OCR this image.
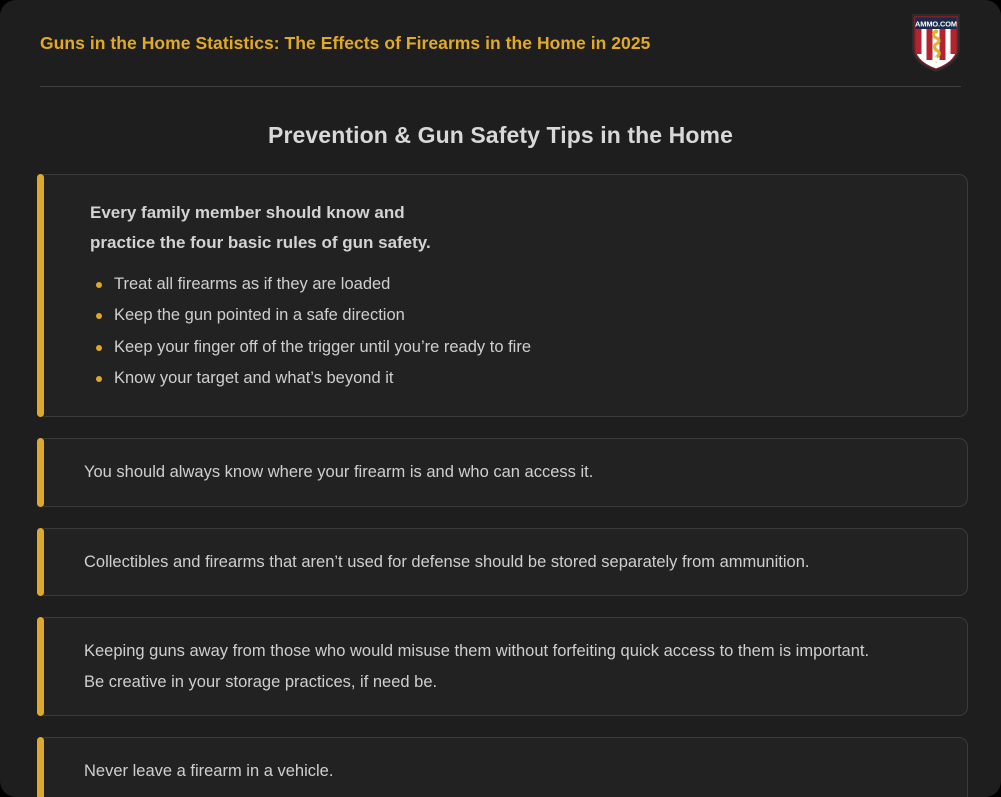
Guns in the Home Statistics: The Effects of Firearms in the Home in 2025
AMMO.COM
Prevention & Gun Safety Tips in the Home
Every family member should know and
practice the four basic rules of gun safety.
Treat all firearms as if they are loaded
Keep the gun pointed in a safe direction
Keep your finger off of the trigger until you’re ready to fire
Know your target and what’s beyond it

You should always know where your firearm is and who can access it.

Collectibles and firearms that aren’t used for defense should be stored separately from ammunition.

Keeping guns away from those who would misuse them without forfeiting quick access to them is important.

Be creative in your storage practices, if need be.

Never leave a firearm in a vehicle.
